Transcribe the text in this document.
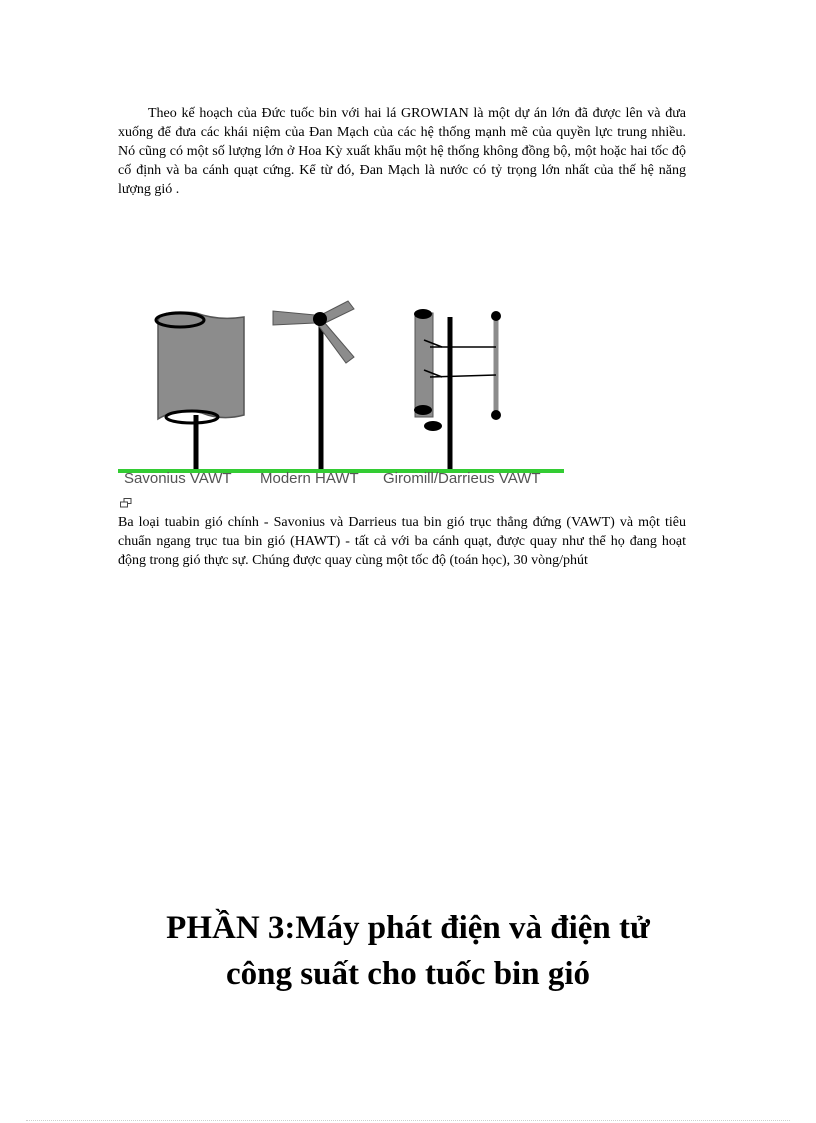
Theo kế hoạch của Đức tuốc bin với hai lá GROWIAN là một dự án lớn đã được lên và đưa xuống để đưa các khái niệm của Đan Mạch của các hệ thống mạnh mẽ của quyền lực trung nhiều. Nó cũng có một số lượng lớn ở Hoa Kỳ xuất khẩu một hệ thống không đồng bộ, một hoặc hai tốc độ cố định và ba cánh quạt cứng. Kể từ đó, Đan Mạch là nước có tỷ trọng lớn nhất của thế hệ năng lượng gió .

Savonius VAWT Modern HAWT Giromill/Darrieus VAWT

Ba loại tuabin gió chính - Savonius và Darrieus tua bin gió trục thẳng đứng (VAWT) và một tiêu chuẩn ngang trục tua bin gió (HAWT) - tất cả với ba cánh quạt, được quay như thể họ đang hoạt động trong gió thực sự. Chúng được quay cùng một tốc độ (toán học), 30 vòng/phút

PHẦN 3:Máy phát điện và điện tử
công suất cho tuốc bin gió
